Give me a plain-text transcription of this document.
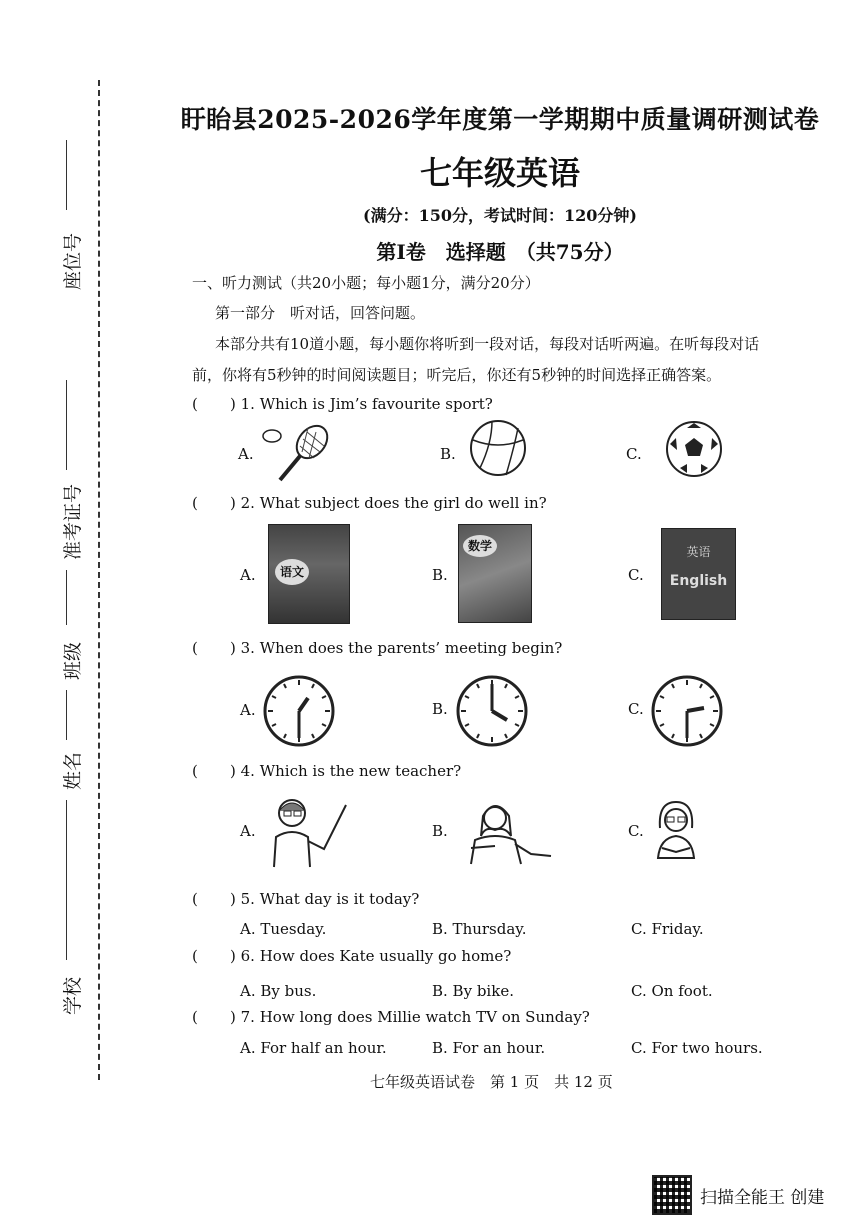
座位号
准考证号
班级
姓名
学校
盱眙县2025-2026学年度第一学期期中质量调研测试卷
七年级英语
(满分：150分，考试时间：120分钟)
第Ⅰ卷　选择题　（共75分）
一、听力测试（共20小题；每小题1分，满分20分）
第一部分　听对话，回答问题。
本部分共有10道小题，每小题你将听到一段对话，每段对话听两遍。在听每段对话
前，你将有5秒钟的时间阅读题目；听完后，你还有5秒钟的时间选择正确答案。
( ) 1. Which is Jim’s favourite sport?
A.	B.	C.
( ) 2. What subject does the girl do well in?
A.	语文	B.
数学
C.
英语
English
( ) 3. When does the parents’ meeting begin?
A.	B.	C.
( ) 4. Which is the new teacher?
A.	B.	C.
( ) 5. What day is it today?
A. Tuesday.	B. Thursday.	C. Friday.
( ) 6. How does Kate usually go home?
A. By bus.	B. By bike.	C. On foot.
( ) 7. How long does Millie watch TV on Sunday?
A. For half an hour.	B. For an hour.	C. For two hours.
七年级英语试卷　第 1 页　共 12 页
扫描全能王 创建
